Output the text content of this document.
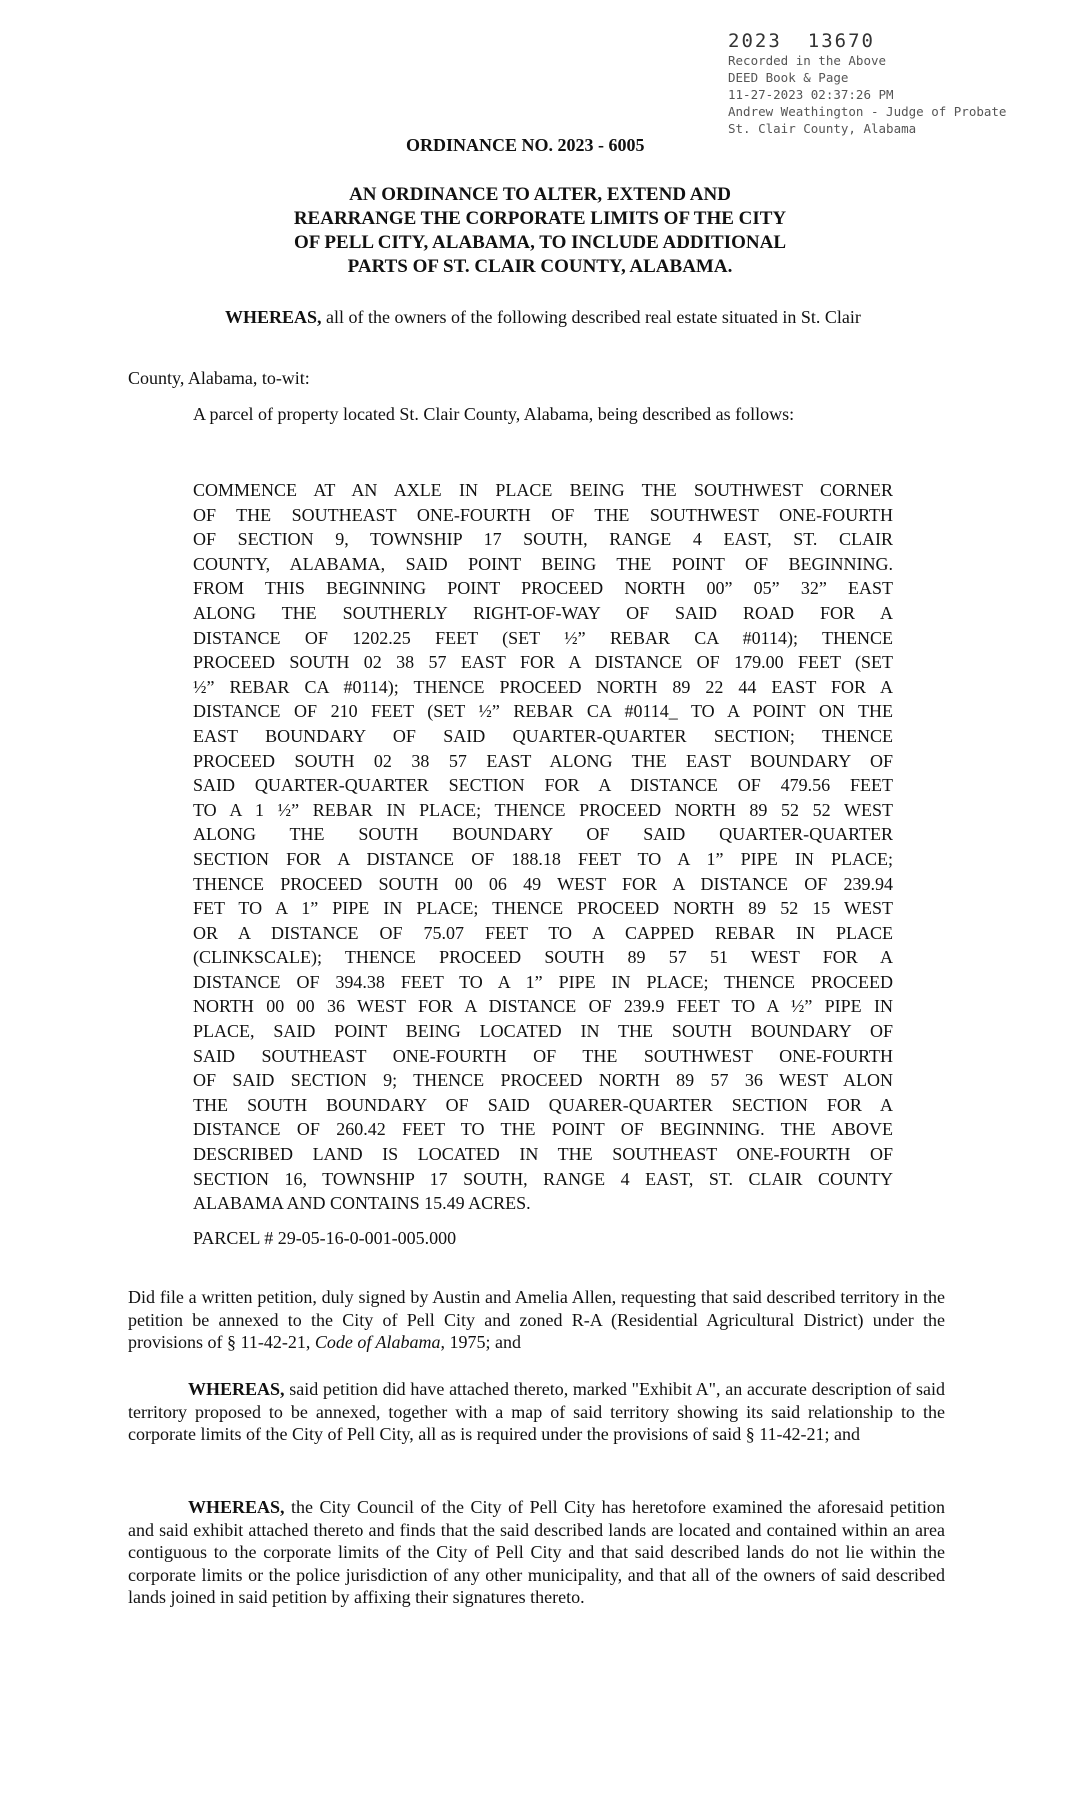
2023 13670
Recorded in the Above
DEED Book & Page
11-27-2023 02:37:26 PM
Andrew Weathington - Judge of Probate
St. Clair County, Alabama
ORDINANCE NO. 2023 - 6005
AN ORDINANCE TO ALTER, EXTEND AND
REARRANGE THE CORPORATE LIMITS OF THE CITY
OF PELL CITY, ALABAMA, TO INCLUDE ADDITIONAL
PARTS OF ST. CLAIR COUNTY, ALABAMA.
WHEREAS, all of the owners of the following described real estate situated in St. Clair
County, Alabama, to-wit:
A parcel of property located St. Clair County, Alabama, being described as follows:
COMMENCE AT AN AXLE IN PLACE BEING THE SOUTHWEST CORNER
OF THE SOUTHEAST ONE-FOURTH OF THE SOUTHWEST ONE-FOURTH
OF SECTION 9, TOWNSHIP 17 SOUTH, RANGE 4 EAST, ST. CLAIR
COUNTY, ALABAMA, SAID POINT BEING THE POINT OF BEGINNING.
FROM THIS BEGINNING POINT PROCEED NORTH 00” 05” 32” EAST
ALONG THE SOUTHERLY RIGHT-OF-WAY OF SAID ROAD FOR A
DISTANCE OF 1202.25 FEET (SET ½” REBAR CA #0114); THENCE
PROCEED SOUTH 02 38 57 EAST FOR A DISTANCE OF 179.00 FEET (SET
½” REBAR CA #0114); THENCE PROCEED NORTH 89 22 44 EAST FOR A
DISTANCE OF 210 FEET (SET ½” REBAR CA #0114_ TO A POINT ON THE
EAST BOUNDARY OF SAID QUARTER-QUARTER SECTION; THENCE
PROCEED SOUTH 02 38 57 EAST ALONG THE EAST BOUNDARY OF
SAID QUARTER-QUARTER SECTION FOR A DISTANCE OF 479.56 FEET
TO A 1 ½” REBAR IN PLACE; THENCE PROCEED NORTH 89 52 52 WEST
ALONG THE SOUTH BOUNDARY OF SAID QUARTER-QUARTER
SECTION FOR A DISTANCE OF 188.18 FEET TO A 1” PIPE IN PLACE;
THENCE PROCEED SOUTH 00 06 49 WEST FOR A DISTANCE OF 239.94
FET TO A 1” PIPE IN PLACE; THENCE PROCEED NORTH 89 52 15 WEST
OR A DISTANCE OF 75.07 FEET TO A CAPPED REBAR IN PLACE
(CLINKSCALE); THENCE PROCEED SOUTH 89 57 51 WEST FOR A
DISTANCE OF 394.38 FEET TO A 1” PIPE IN PLACE; THENCE PROCEED
NORTH 00 00 36 WEST FOR A DISTANCE OF 239.9 FEET TO A ½” PIPE IN
PLACE, SAID POINT BEING LOCATED IN THE SOUTH BOUNDARY OF
SAID SOUTHEAST ONE-FOURTH OF THE SOUTHWEST ONE-FOURTH
OF SAID SECTION 9; THENCE PROCEED NORTH 89 57 36 WEST ALON
THE SOUTH BOUNDARY OF SAID QUARER-QUARTER SECTION FOR A
DISTANCE OF 260.42 FEET TO THE POINT OF BEGINNING. THE ABOVE
DESCRIBED LAND IS LOCATED IN THE SOUTHEAST ONE-FOURTH OF
SECTION 16, TOWNSHIP 17 SOUTH, RANGE 4 EAST, ST. CLAIR COUNTY
ALABAMA AND CONTAINS 15.49 ACRES.
PARCEL # 29-05-16-0-001-005.000
Did file a written petition, duly signed by Austin and Amelia Allen, requesting that said described territory in the petition be annexed to the City of Pell City and zoned R-A (Residential Agricultural District) under the provisions of § 11-42-21, Code of Alabama, 1975; and
WHEREAS, said petition did have attached thereto, marked "Exhibit A", an accurate description of said territory proposed to be annexed, together with a map of said territory showing its said relationship to the corporate limits of the City of Pell City, all as is required under the provisions of said § 11-42-21; and
WHEREAS, the City Council of the City of Pell City has heretofore examined the aforesaid petition and said exhibit attached thereto and finds that the said described lands are located and contained within an area contiguous to the corporate limits of the City of Pell City and that said described lands do not lie within the corporate limits or the police jurisdiction of any other municipality, and that all of the owners of said described lands joined in said petition by affixing their signatures thereto.
